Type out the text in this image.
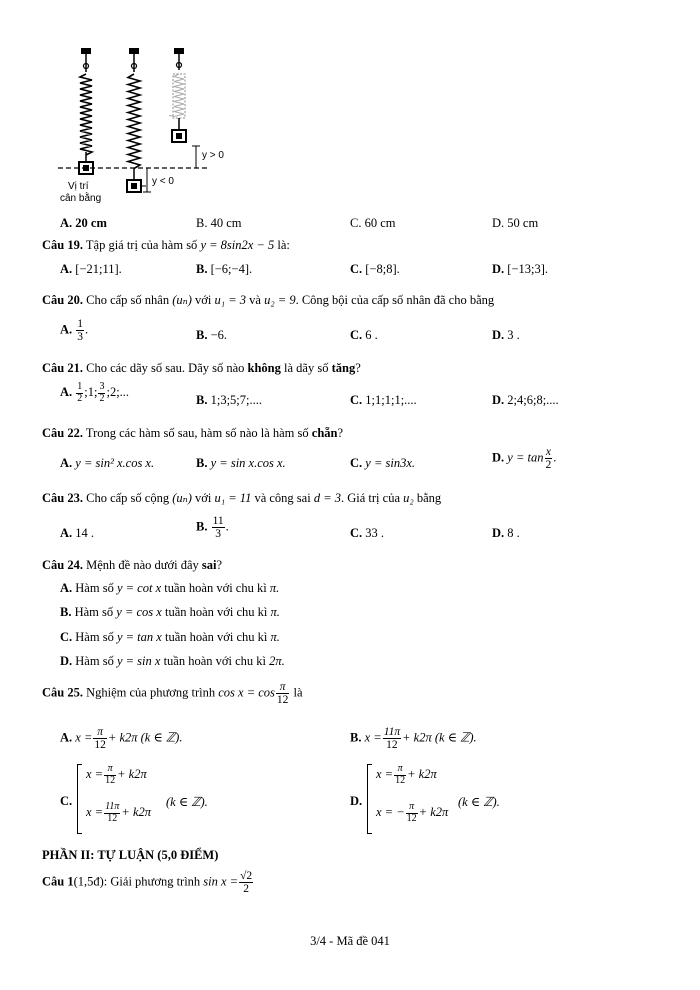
y > 0
y < 0
Vị trí
cân bằng
A. 20 cm	B. 40 cm	C. 60 cm	D. 50 cm
Câu 19. Tập giá trị của hàm số y = 8sin2x − 5 là:
A. [−21;11].	B. [−6;−4].	C. [−8;8].	D. [−13;3].
Câu 20. Cho cấp số nhân (uₙ) với u₁ = 3 và u₂ = 9. Công bội của cấp số nhân đã cho bằng
A. $\frac{1}{3}$ .	B. −6.	C. 6 .	D. 3 .
Câu 21. Cho các dãy số sau. Dãy số nào không là dãy số tăng?
A. $\frac{1}{2}$ ;1; $\frac{3}{2}$ ;2;...
B. 1;3;5;7;....	C. 1;1;1;1;....	D. 2;4;6;8;....
Câu 22. Trong các hàm số sau, hàm số nào là hàm số chẵn?
A. y = sin² x.cos x.	B. y = sin x.cos x.	C. y = sin3x.	D. $y = \tan \frac{x}{2}$ .
Câu 23. Cho cấp số cộng (uₙ) với u₁ = 11 và công sai d = 3. Giá trị của u₂ bằng
A. 14 .	B. $\frac{11}{3}$ .	C. 33 .	D. 8 .
Câu 24. Mệnh đề nào dưới đây sai?
A. Hàm số y = cot x tuần hoàn với chu kì π.
B. Hàm số y = cos x tuần hoàn với chu kì π.
C. Hàm số y = tan x tuần hoàn với chu kì π.
D. Hàm số y = sin x tuần hoàn với chu kì 2π.
Câu 25. Nghiệm của phương trình $\cos x = \cos \frac{\pi}{12}$ là
A. $x = \frac{\pi}{12} + k2\pi$ (k ∈ ℤ).	B. $x = \frac{11\pi}{12} + k2\pi$ (k ∈ ℤ).
C.
$x = \frac{\pi}{12} + k2\pi$
$x = \frac{11\pi}{12} + k2\pi$
(k ∈ ℤ).	D.
$x = \frac{\pi}{12} + k2\pi$
x = − $\frac{\pi}{12} + k2\pi$
(k ∈ ℤ).
PHẦN II: TỰ LUẬN (5,0 ĐIỂM)
Câu 1(1,5đ): Giải phương trình $\sin x = \frac{√2}{2}$
3/4 - Mã đề 041
